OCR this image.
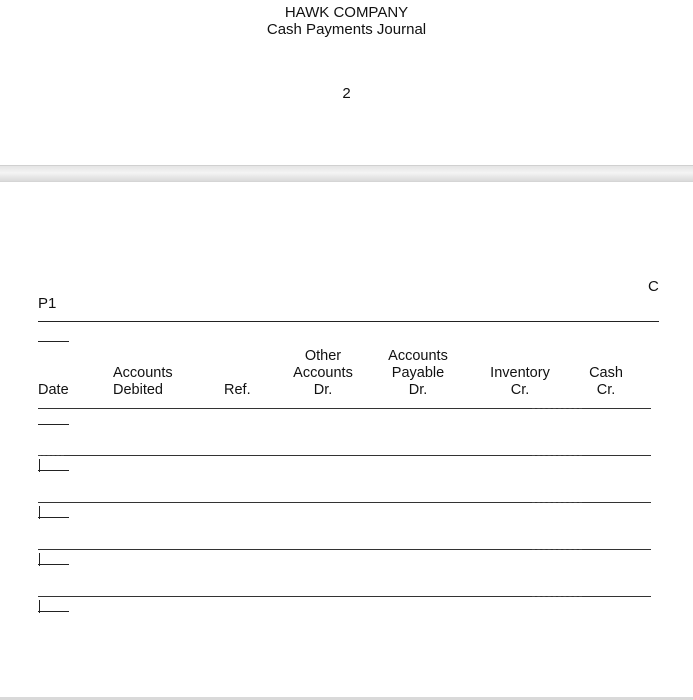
HAWK COMPANY
Cash Payments Journal
2
C
P1
Date
Accounts
Debited	Ref.
Other
Accounts
Dr.
Accounts
Payable
Dr.
Inventory
Cr.
Cash
Cr.
